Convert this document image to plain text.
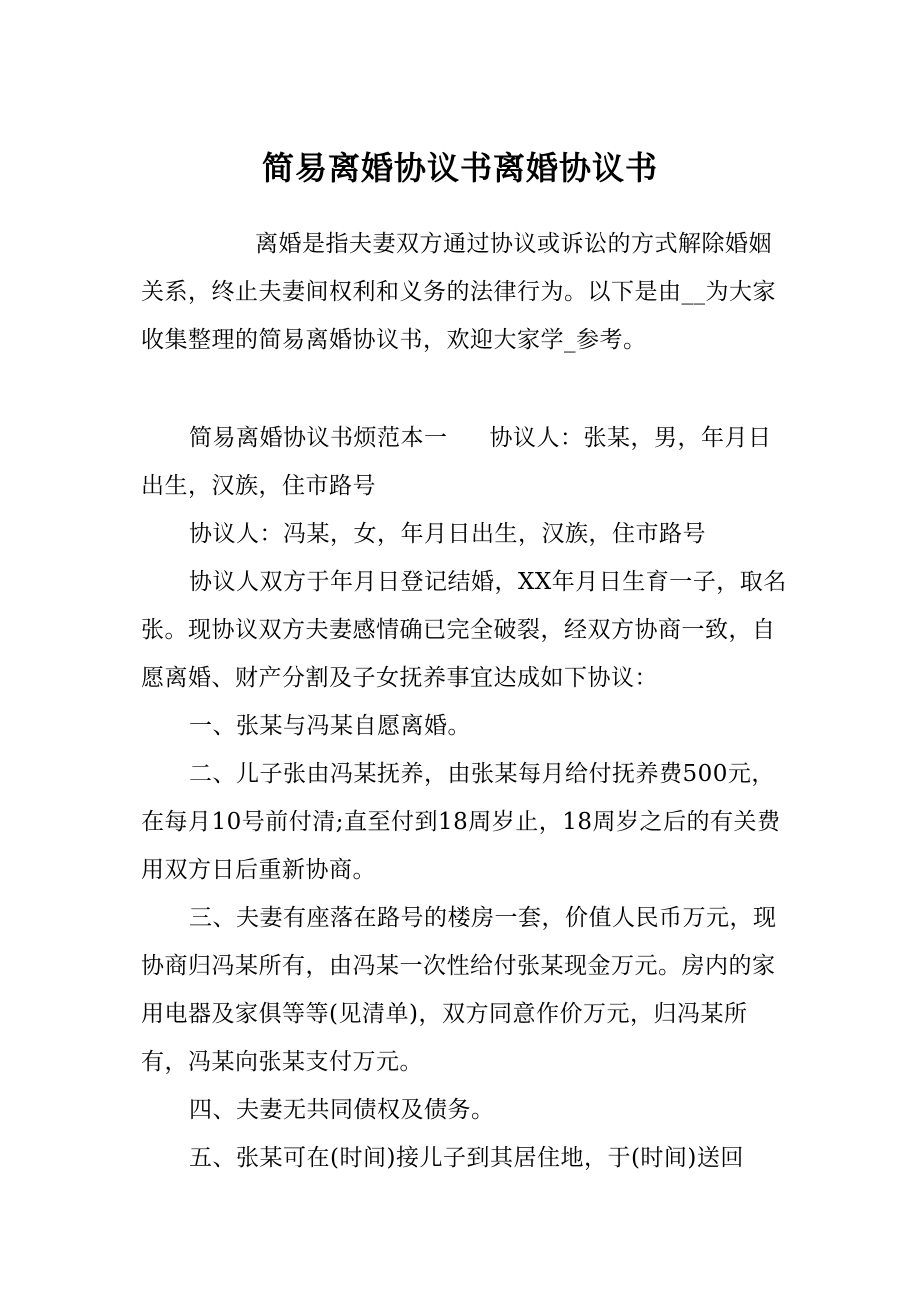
简易离婚协议书离婚协议书

离婚是指夫妻双方通过协议或诉讼的方式解除婚姻关系，终止夫妻间权利和义务的法律行为。以下是由__为大家收集整理的简易离婚协议书，欢迎大家学_参考。

简易离婚协议书烦范本一 协议人：张某，男，年月日出生，汉族，住市路号

协议人：冯某，女，年月日出生，汉族，住市路号

协议人双方于年月日登记结婚，XX年月日生育一子，取名张。现协议双方夫妻感情确已完全破裂，经双方协商一致，自愿离婚、财产分割及子女抚养事宜达成如下协议：

一、张某与冯某自愿离婚。

二、儿子张由冯某抚养，由张某每月给付抚养费500元，在每月10号前付清;直至付到18周岁止，18周岁之后的有关费用双方日后重新协商。

三、夫妻有座落在路号的楼房一套，价值人民币万元，现协商归冯某所有，由冯某一次性给付张某现金万元。房内的家用电器及家俱等等(见清单)，双方同意作价万元，归冯某所有，冯某向张某支付万元。

四、夫妻无共同债权及债务。

五、张某可在(时间)接儿子到其居住地，于(时间)送回
